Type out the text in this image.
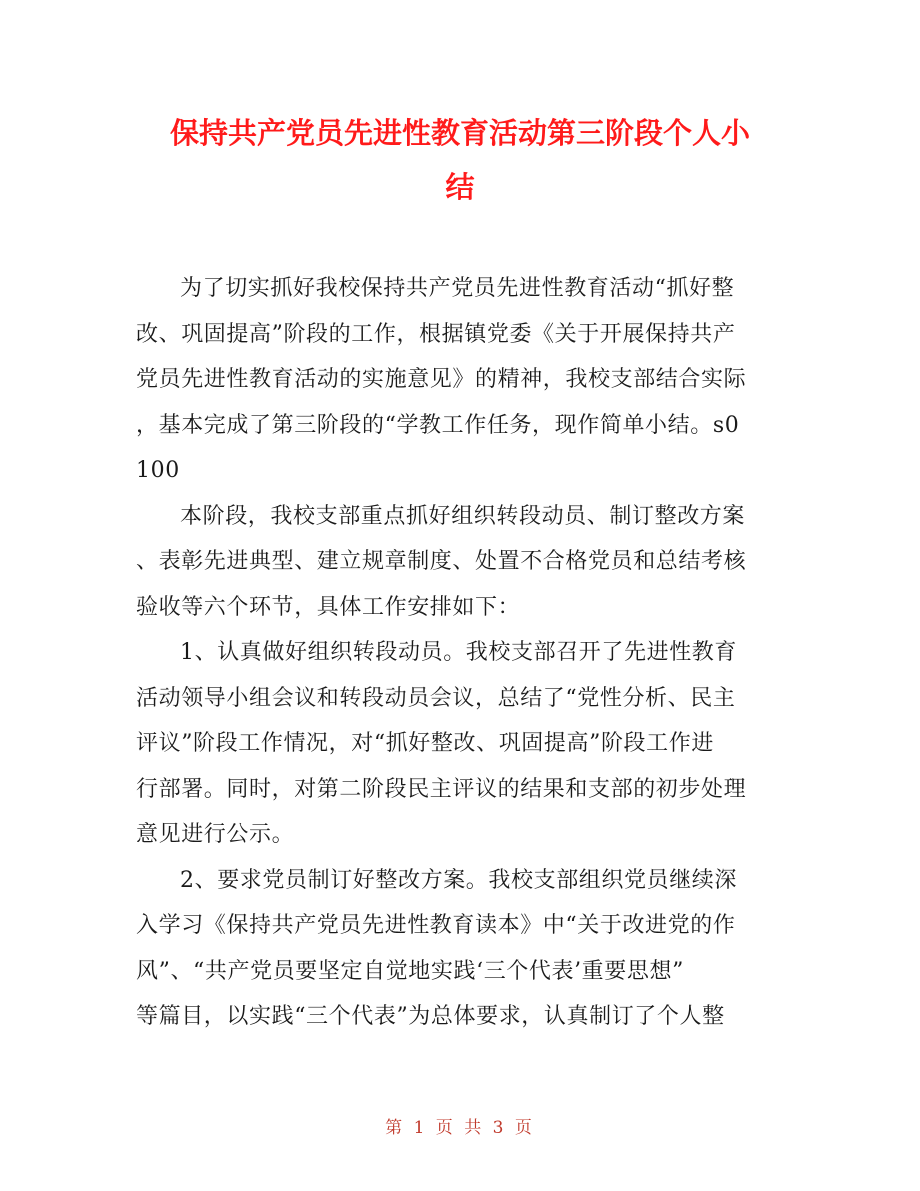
保持共产党员先进性教育活动第三阶段个人小
结
为了切实抓好我校保持共产党员先进性教育活动“抓好整
改、巩固提高”阶段的工作，根据镇党委《关于开展保持共产
党员先进性教育活动的实施意见》的精神，我校支部结合实际
，基本完成了第三阶段的“学教工作任务，现作简单小结。s0
100
本阶段，我校支部重点抓好组织转段动员、制订整改方案
、表彰先进典型、建立规章制度、处置不合格党员和总结考核
验收等六个环节，具体工作安排如下：
1、认真做好组织转段动员。我校支部召开了先进性教育
活动领导小组会议和转段动员会议，总结了“党性分析、民主
评议”阶段工作情况，对“抓好整改、巩固提高”阶段工作进
行部署。同时，对第二阶段民主评议的结果和支部的初步处理
意见进行公示。
2、要求党员制订好整改方案。我校支部组织党员继续深
入学习《保持共产党员先进性教育读本》中“关于改进党的作
风”、“共产党员要坚定自觉地实践‘三个代表’重要思想”
等篇目，以实践“三个代表”为总体要求，认真制订了个人整
第 1 页 共 3 页
